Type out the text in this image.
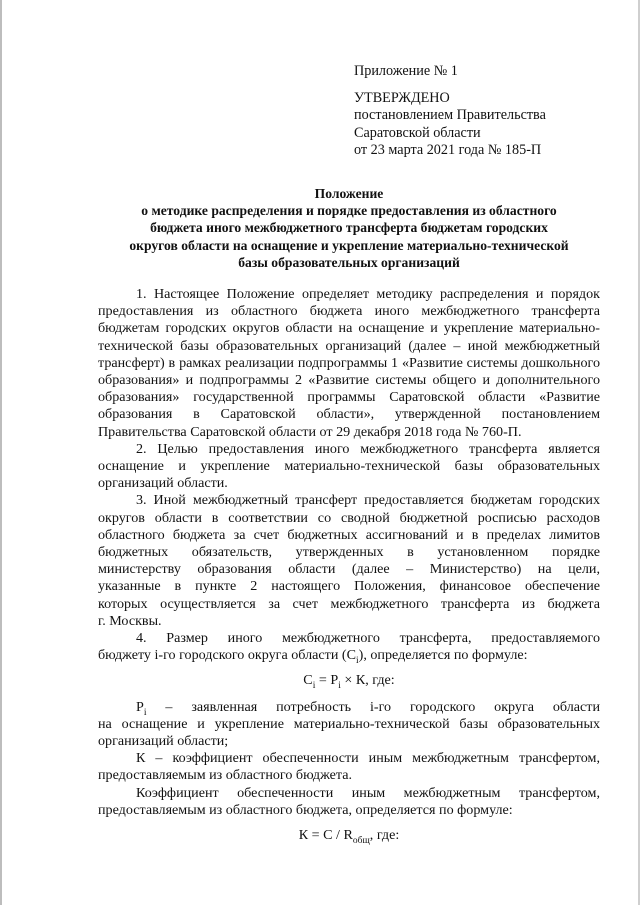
Приложение № 1
УТВЕРЖДЕНО
постановлением Правительства
Саратовской области
от 23 марта 2021 года № 185-П
Положение
о методике распределения и порядке предоставления из областного
бюджета иного межбюджетного трансферта бюджетам городских
округов области на оснащение и укрепление материально-технической
базы образовательных организаций

1. Настоящее Положение определяет методику распределения и порядок
предоставления из областного бюджета иного межбюджетного трансферта
бюджетам городских округов области на оснащение и укрепление материально-
технической базы образовательных организаций (далее – иной межбюджетный
трансферт) в рамках реализации подпрограммы 1 «Развитие системы дошкольного
образования» и подпрограммы 2 «Развитие системы общего и дополнительного
образования» государственной программы Саратовской области «Развитие
образования в Саратовской области», утвержденной постановлением
Правительства Саратовской области от 29 декабря 2018 года № 760-П.

2. Целью предоставления иного межбюджетного трансферта является
оснащение и укрепление материально-технической базы образовательных
организаций области.

3. Иной межбюджетный трансферт предоставляется бюджетам городских
округов области в соответствии со сводной бюджетной росписью расходов
областного бюджета за счет бюджетных ассигнований и в пределах лимитов
бюджетных обязательств, утвержденных в установленном порядке
министерству образования области (далее – Министерство) на цели,
указанные в пункте 2 настоящего Положения, финансовое обеспечение
которых осуществляется за счет межбюджетного трансферта из бюджета
г. Москвы.

4. Размер иного межбюджетного трансферта, предоставляемого
бюджету i-го городского округа области $(C_i)$, определяется по формуле:

$C_i = P_i \times К$, где:

$P_i$ – заявленная потребность i-го городского округа области
на оснащение и укрепление материально-технической базы образовательных
организаций области;

К – коэффициент обеспеченности иным межбюджетным трансфертом,
предоставляемым из областного бюджета.

Коэффициент обеспеченности иным межбюджетным трансфертом,
предоставляемым из областного бюджета, определяется по формуле:

$К = С / R_{общ}$, где:
